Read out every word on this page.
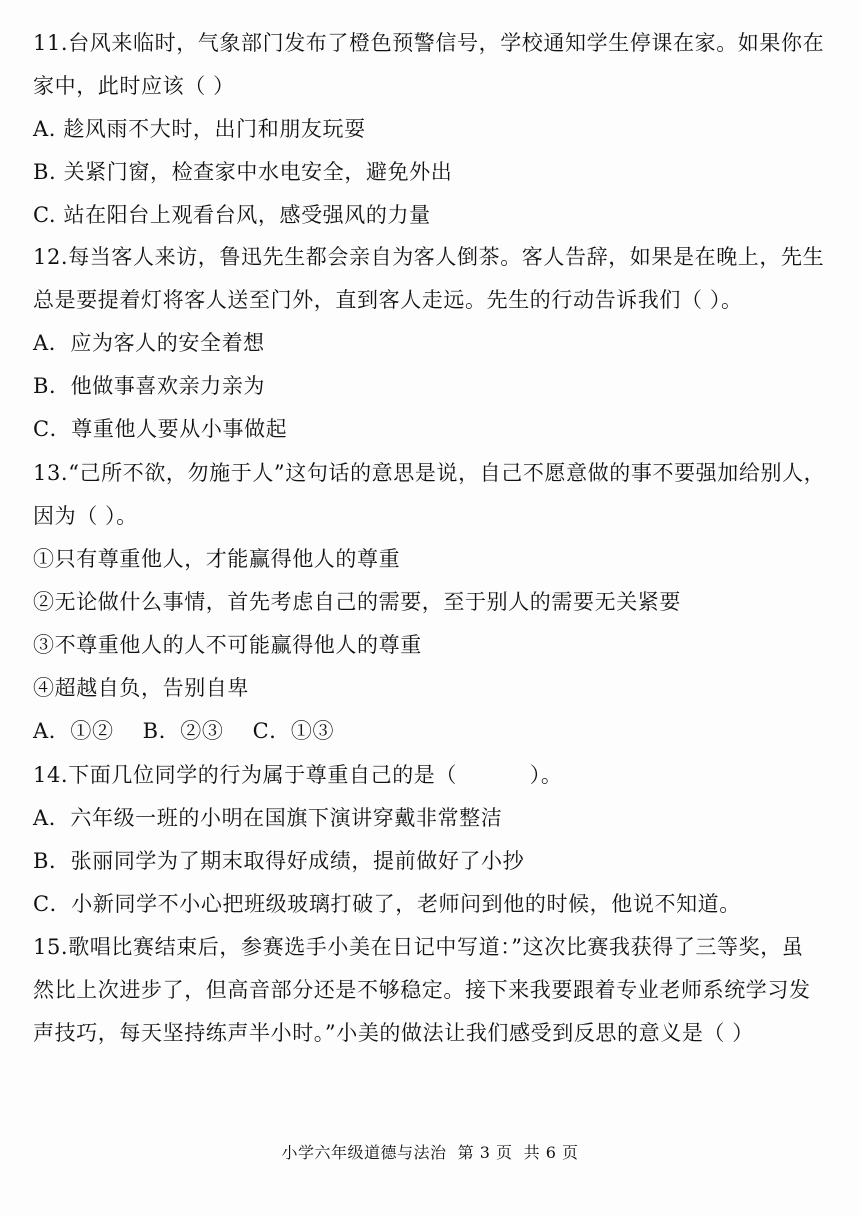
11.台风来临时，气象部门发布了橙色预警信号，学校通知学生停课在家。如果你在
家中，此时应该（ ）
A. 趁风雨不大时，出门和朋友玩耍
B. 关紧门窗，检查家中水电安全，避免外出
C. 站在阳台上观看台风，感受强风的力量
12.每当客人来访，鲁迅先生都会亲自为客人倒茶。客人告辞，如果是在晚上，先生
总是要提着灯将客人送至门外，直到客人走远。先生的行动告诉我们（ ）。
A．应为客人的安全着想
B．他做事喜欢亲力亲为
C．尊重他人要从小事做起
13.“己所不欲，勿施于人”这句话的意思是说，自己不愿意做的事不要强加给别人，
因为（ ）。
①只有尊重他人，才能赢得他人的尊重
②无论做什么事情，首先考虑自己的需要，至于别人的需要无关紧要
③不尊重他人的人不可能赢得他人的尊重
④超越自负，告别自卑
A．①②    B．②③    C．①③
14.下面几位同学的行为属于尊重自己的是（          ）。
A．六年级一班的小明在国旗下演讲穿戴非常整洁
B．张丽同学为了期末取得好成绩，提前做好了小抄
C．小新同学不小心把班级玻璃打破了，老师问到他的时候，他说不知道。
15.歌唱比赛结束后，参赛选手小美在日记中写道：”这次比赛我获得了三等奖，虽
然比上次进步了，但高音部分还是不够稳定。接下来我要跟着专业老师系统学习发
声技巧，每天坚持练声半小时。”小美的做法让我们感受到反思的意义是（ ）
小学六年级道德与法治  第 3 页  共 6 页
